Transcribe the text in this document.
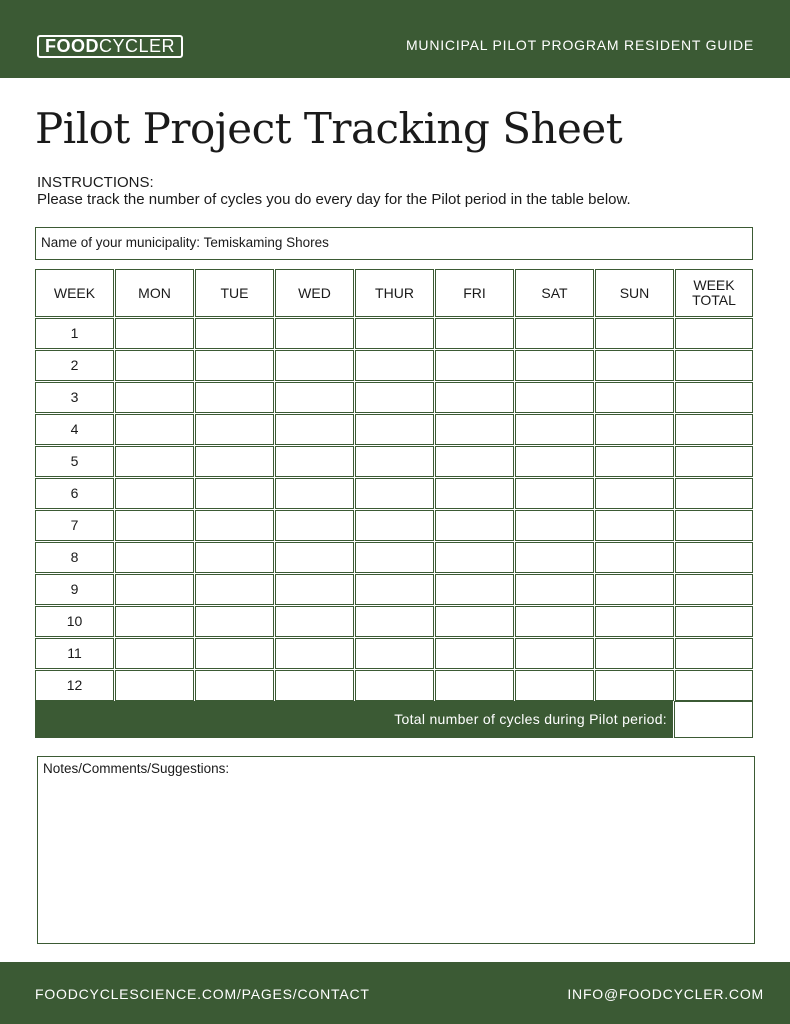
FOODCYCLER	MUNICIPAL PILOT PROGRAM RESIDENT GUIDE
Pilot Project Tracking Sheet
INSTRUCTIONS:
Please track the number of cycles you do every day for the Pilot period in the table below.
Name of your municipality: Temiskaming Shores
WEEK	MON	TUE	WED	THUR	FRI	SAT	SUN	WEEK
TOTAL
1
2
3
4
5
6
7
8
9
10
11
12
Total number of cycles during Pilot period:
Notes/Comments/Suggestions:
FOODCYCLESCIENCE.COM/PAGES/CONTACT	INFO@FOODCYCLER.COM
